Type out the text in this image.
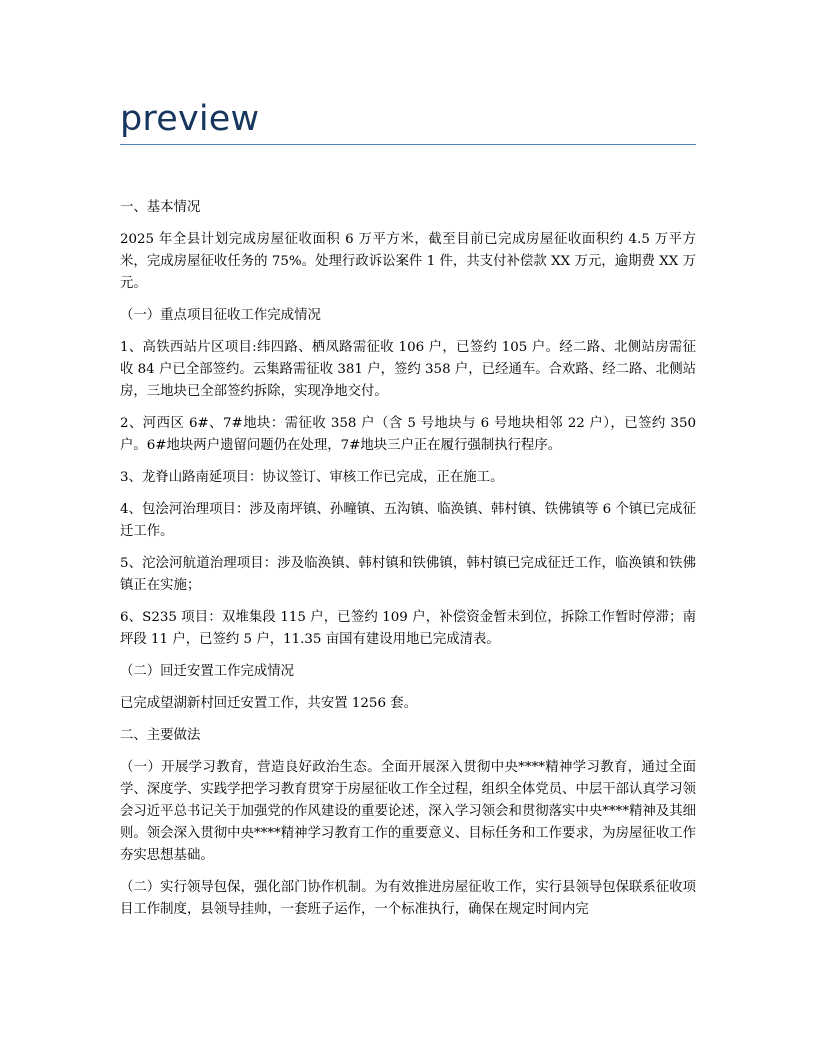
preview

一、基本情况

2025 年全县计划完成房屋征收面积 6 万平方米，截至目前已完成房屋征收面积约 4.5 万平方米，完成房屋征收任务的 75%。处理行政诉讼案件 1 件，共支付补偿款 XX 万元，逾期费 XX 万元。

（一）重点项目征收工作完成情况

1、高铁西站片区项目:纬四路、栖凤路需征收 106 户，已签约 105 户。经二路、北侧站房需征收 84 户已全部签约。云集路需征收 381 户，签约 358 户，已经通车。合欢路、经二路、北侧站房，三地块已全部签约拆除，实现净地交付。

2、河西区 6#、7#地块：需征收 358 户（含 5 号地块与 6 号地块相邻 22 户），已签约 350 户。6#地块两户遗留问题仍在处理，7#地块三户正在履行强制执行程序。

3、龙脊山路南延项目：协议签订、审核工作已完成，正在施工。

4、包浍河治理项目：涉及南坪镇、孙疃镇、五沟镇、临涣镇、韩村镇、铁佛镇等 6 个镇已完成征迁工作。

5、沱浍河航道治理项目：涉及临涣镇、韩村镇和铁佛镇，韩村镇已完成征迁工作，临涣镇和铁佛镇正在实施；

6、S235 项目：双堆集段 115 户，已签约 109 户，补偿资金暂未到位，拆除工作暂时停滞；南坪段 11 户，已签约 5 户，11.35 亩国有建设用地已完成清表。

（二）回迁安置工作完成情况

已完成望湖新村回迁安置工作，共安置 1256 套。

二、主要做法

（一）开展学习教育，营造良好政治生态。全面开展深入贯彻中央****精神学习教育，通过全面学、深度学、实践学把学习教育贯穿于房屋征收工作全过程，组织全体党员、中层干部认真学习领会习近平总书记关于加强党的作风建设的重要论述，深入学习领会和贯彻落实中央****精神及其细则。领会深入贯彻中央****精神学习教育工作的重要意义、目标任务和工作要求，为房屋征收工作夯实思想基础。

（二）实行领导包保，强化部门协作机制。为有效推进房屋征收工作，实行县领导包保联系征收项目工作制度，县领导挂帅，一套班子运作，一个标准执行，确保在规定时间内完
